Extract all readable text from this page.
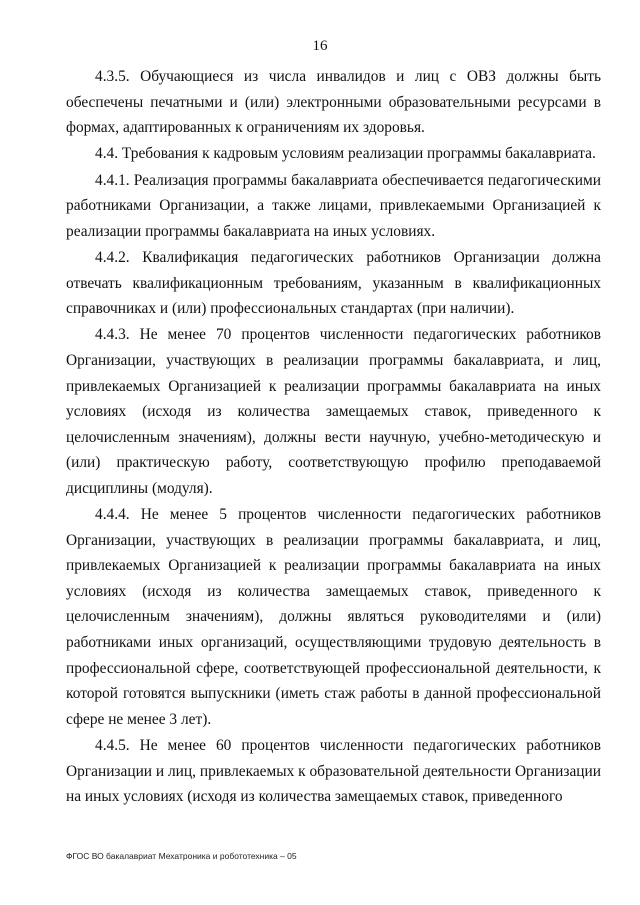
16

4.3.5. Обучающиеся из числа инвалидов и лиц с ОВЗ должны быть обеспечены печатными и (или) электронными образовательными ресурсами в формах, адаптированных к ограничениям их здоровья.

4.4. Требования к кадровым условиям реализации программы бакалавриата.

4.4.1. Реализация программы бакалавриата обеспечивается педагогическими работниками Организации, а также лицами, привлекаемыми Организацией к реализации программы бакалавриата на иных условиях.

4.4.2. Квалификация педагогических работников Организации должна отвечать квалификационным требованиям, указанным в квалификационных справочниках и (или) профессиональных стандартах (при наличии).

4.4.3. Не менее 70 процентов численности педагогических работников Организации, участвующих в реализации программы бакалавриата, и лиц, привлекаемых Организацией к реализации программы бакалавриата на иных условиях (исходя из количества замещаемых ставок, приведенного к целочисленным значениям), должны вести научную, учебно-методическую и (или) практическую работу, соответствующую профилю преподаваемой дисциплины (модуля).

4.4.4. Не менее 5 процентов численности педагогических работников Организации, участвующих в реализации программы бакалавриата, и лиц, привлекаемых Организацией к реализации программы бакалавриата на иных условиях (исходя из количества замещаемых ставок, приведенного к целочисленным значениям), должны являться руководителями и (или) работниками иных организаций, осуществляющими трудовую деятельность в профессиональной сфере, соответствующей профессиональной деятельности, к которой готовятся выпускники (иметь стаж работы в данной профессиональной сфере не менее 3 лет).

4.4.5. Не менее 60 процентов численности педагогических работников Организации и лиц, привлекаемых к образовательной деятельности Организации на иных условиях (исходя из количества замещаемых ставок, приведенного

ФГОС ВО бакалавриат Мехатроника и робототехника – 05
